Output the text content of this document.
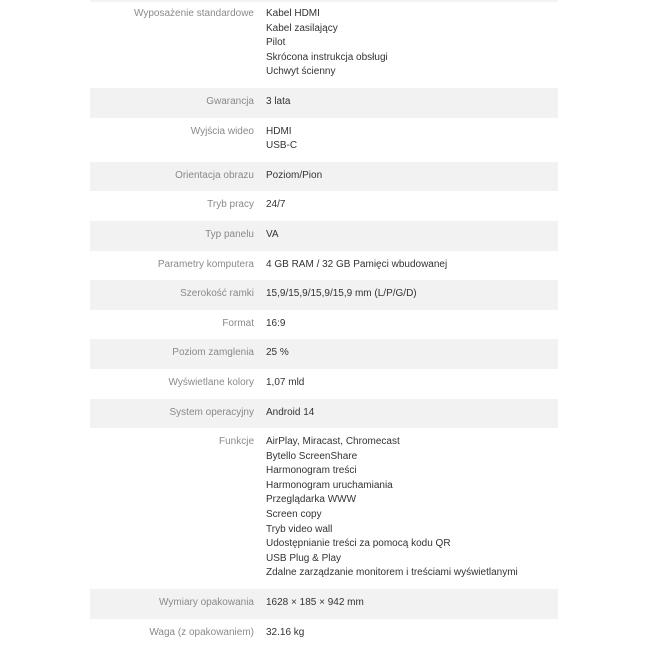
Wyposażenie standardowe	Kabel HDMI
Kabel zasilający
Pilot
Skrócona instrukcja obsługi
Uchwyt ścienny
Gwarancja	3 lata
Wyjścia wideo	HDMI
USB-C
Orientacja obrazu	Poziom/Pion
Tryb pracy	24/7
Typ panelu	VA
Parametry komputera	4 GB RAM / 32 GB Pamięci wbudowanej
Szerokość ramki	15,9/15,9/15,9/15,9 mm (L/P/G/D)
Format	16:9
Poziom zamglenia	25 %
Wyświetlane kolory	1,07 mld
System operacyjny	Android 14
Funkcje	AirPlay, Miracast, Chromecast
Bytello ScreenShare
Harmonogram treści
Harmonogram uruchamiania
Przeglądarka WWW
Screen copy
Tryb video wall
Udostępnianie treści za pomocą kodu QR
USB Plug & Play
Zdalne zarządzanie monitorem i treściami wyświetlanymi
Wymiary opakowania	1628 × 185 × 942 mm
Waga (z opakowaniem)	32.16 kg
